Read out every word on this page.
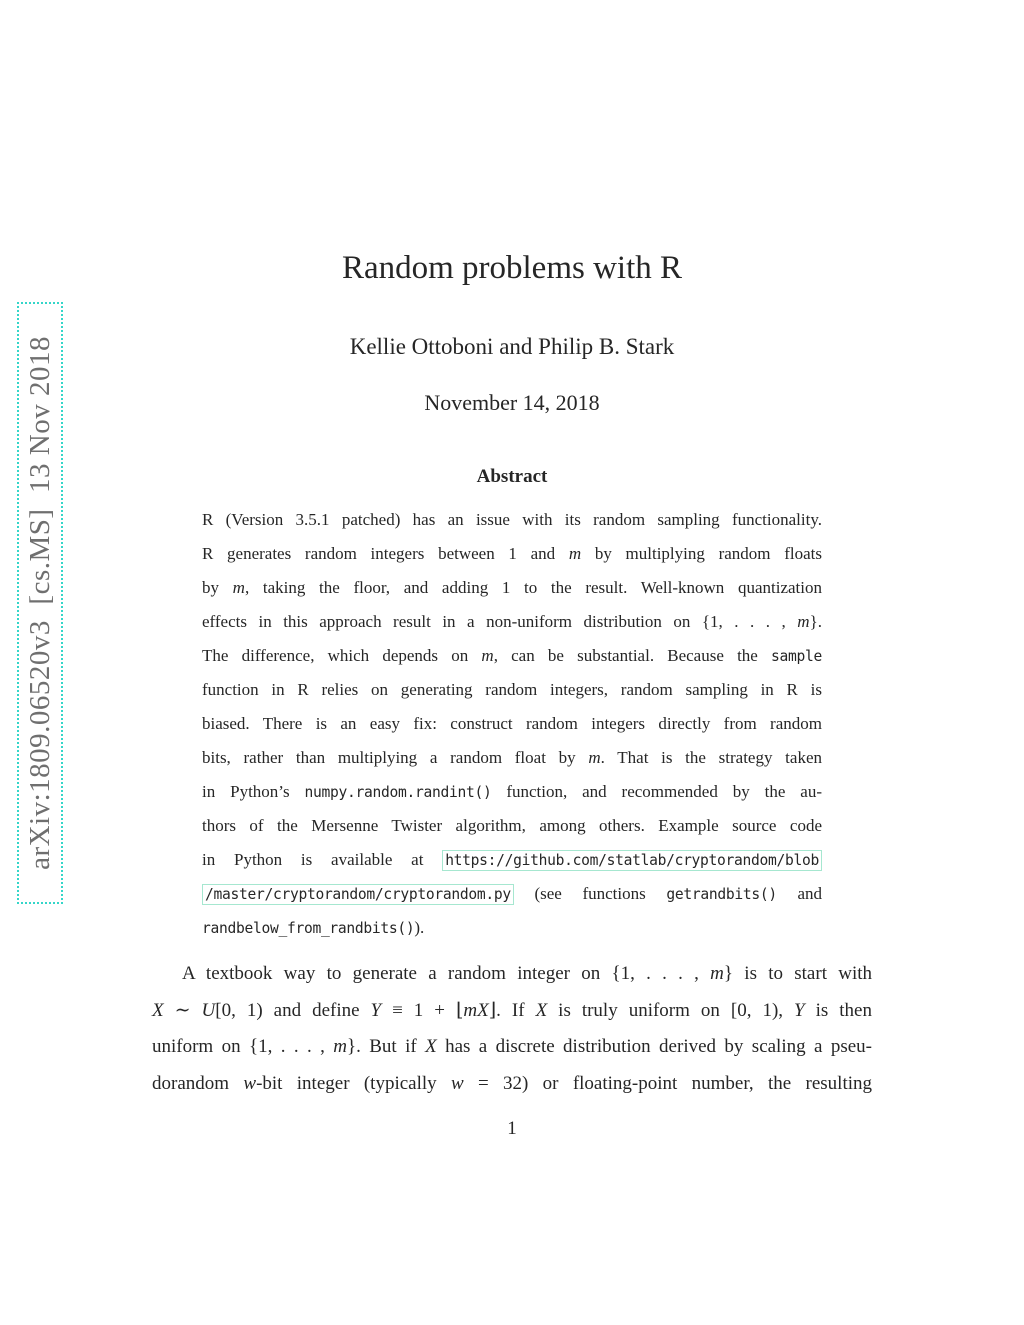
arXiv:1809.06520v3  [cs.MS]  13 Nov 2018
Random problems with R
Kellie Ottoboni and Philip B. Stark
November 14, 2018
Abstract
R (Version 3.5.1 patched) has an issue with its random sampling functionality.
R generates random integers between 1 and m by multiplying random floats
by m, taking the floor, and adding 1 to the result. Well-known quantization
effects in this approach result in a non-uniform distribution on {1, . . . , m}.
The difference, which depends on m, can be substantial. Because the sample
function in R relies on generating random integers, random sampling in R is
biased. There is an easy fix: construct random integers directly from random
bits, rather than multiplying a random float by m. That is the strategy taken
in Python’s numpy.random.randint() function, and recommended by the au-
thors of the Mersenne Twister algorithm, among others. Example source code
in Python is available at https://github.com/statlab/cryptorandom/blob
/master/cryptorandom/cryptorandom.py (see functions getrandbits() and
randbelow_from_randbits()).
A textbook way to generate a random integer on {1, . . . , m} is to start with
X ∼ U[0, 1) and define Y ≡ 1 + ⌊mX⌋. If X is truly uniform on [0, 1), Y is then
uniform on {1, . . . , m}. But if X has a discrete distribution derived by scaling a pseu-
dorandom w-bit integer (typically w = 32) or floating-point number, the resulting
1
